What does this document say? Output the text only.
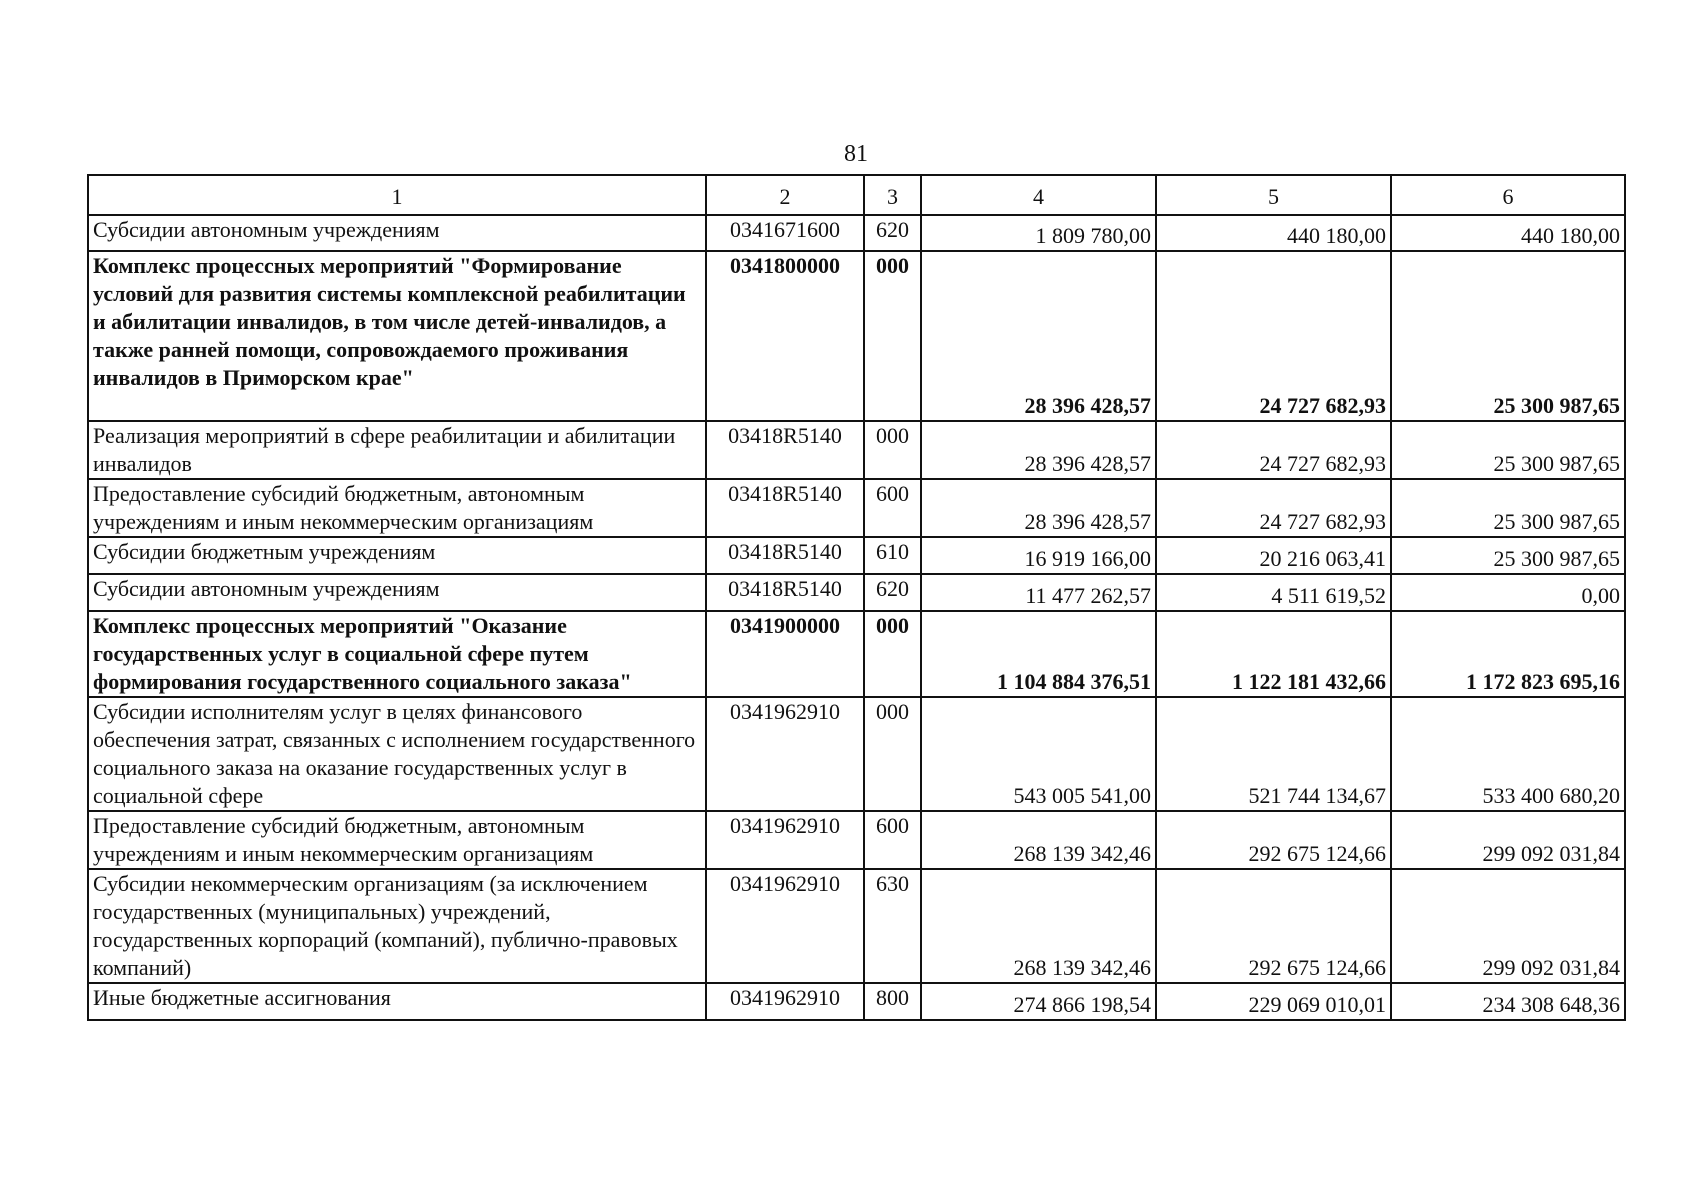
81
1	2	3	4	5	6
Субсидии автономным учреждениям	0341671600	620	1 809 780,00	440 180,00	440 180,00
Комплекс процессных мероприятий "Формирование условий для развития системы комплексной реабилитации и абилитации инвалидов, в том числе детей-инвалидов, а также ранней помощи, сопровождаемого проживания инвалидов в Приморском крае"	0341800000	000	28 396 428,57	24 727 682,93	25 300 987,65
Реализация мероприятий в сфере реабилитации и абилитации инвалидов	03418R5140	000	28 396 428,57	24 727 682,93	25 300 987,65
Предоставление субсидий бюджетным, автономным учреждениям и иным некоммерческим организациям	03418R5140	600	28 396 428,57	24 727 682,93	25 300 987,65
Субсидии бюджетным учреждениям	03418R5140	610	16 919 166,00	20 216 063,41	25 300 987,65
Субсидии автономным учреждениям	03418R5140	620	11 477 262,57	4 511 619,52	0,00
Комплекс процессных мероприятий "Оказание государственных услуг в социальной сфере путем формирования государственного социального заказа"	0341900000	000	1 104 884 376,51	1 122 181 432,66	1 172 823 695,16
Субсидии исполнителям услуг в целях финансового обеспечения затрат, связанных с исполнением государственного социального заказа на оказание государственных услуг в социальной сфере	0341962910	000	543 005 541,00	521 744 134,67	533 400 680,20
Предоставление субсидий бюджетным, автономным учреждениям и иным некоммерческим организациям	0341962910	600	268 139 342,46	292 675 124,66	299 092 031,84
Субсидии некоммерческим организациям (за исключением государственных (муниципальных) учреждений, государственных корпораций (компаний), публично-правовых компаний)	0341962910	630	268 139 342,46	292 675 124,66	299 092 031,84
Иные бюджетные ассигнования	0341962910	800	274 866 198,54	229 069 010,01	234 308 648,36
